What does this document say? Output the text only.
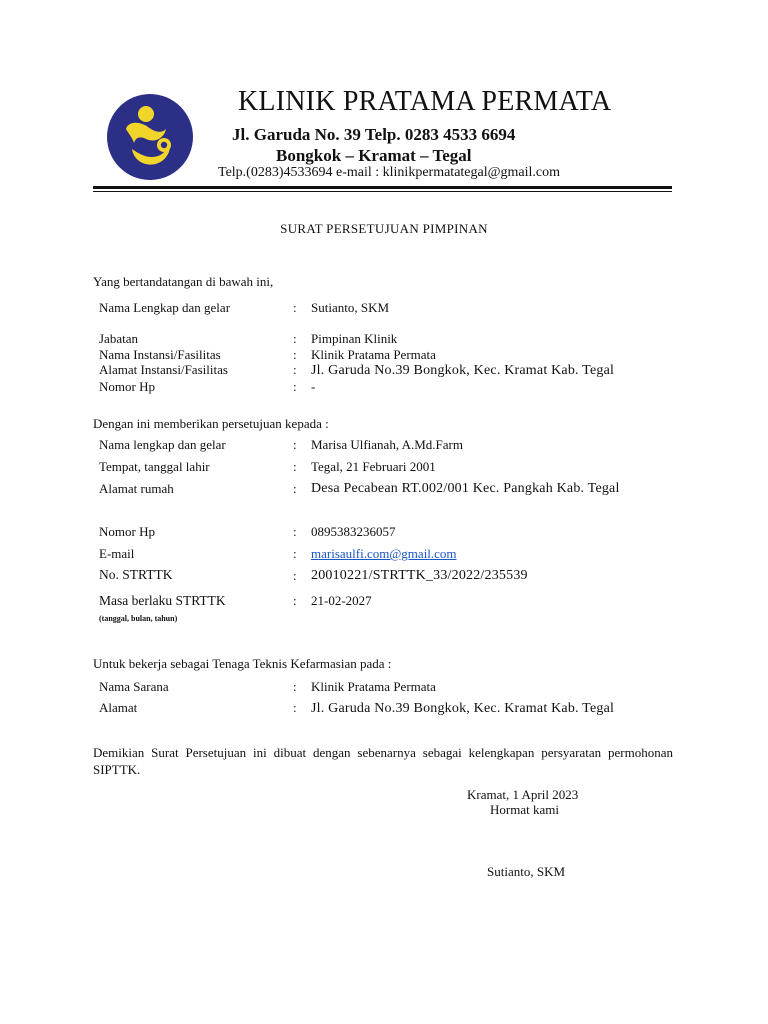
KLINIK PRATAMA PERMATA
Jl. Garuda No. 39 Telp. 0283 4533 6694
Bongkok – Kramat – Tegal
Telp.(0283)4533694 e-mail : klinikpermatategal@gmail.com
SURAT PERSETUJUAN PIMPINAN
Yang bertandatangan di bawah ini,
Nama Lengkap dan gelar	: Sutianto, SKM
Jabatan	: Pimpinan Klinik
Nama Instansi/Fasilitas	: Klinik Pratama Permata
Alamat Instansi/Fasilitas	: Jl. Garuda No.39 Bongkok, Kec. Kramat Kab. Tegal
Nomor Hp	: -
Dengan ini memberikan persetujuan kepada :
Nama lengkap dan gelar	: Marisa Ulfianah, A.Md.Farm
Tempat, tanggal lahir	: Tegal, 21 Februari 2001
Alamat rumah	: Desa Pecabean RT.002/001 Kec. Pangkah Kab. Tegal
Nomor Hp	: 0895383236057
E-mail	: marisaulfi.com@gmail.com
No. STRTTK	: 20010221/STRTTK_33/2022/235539
Masa berlaku STRTTK	: 21-02-2027
(tanggal, bulan, tahun)
Untuk bekerja sebagai Tenaga Teknis Kefarmasian pada :
Nama Sarana	: Klinik Pratama Permata
Alamat	: Jl. Garuda No.39 Bongkok, Kec. Kramat Kab. Tegal
Demikian Surat Persetujuan ini dibuat dengan sebenarnya sebagai kelengkapan persyaratan permohonan SIPTTK.
Kramat, 1 April 2023
Hormat kami
Sutianto, SKM
